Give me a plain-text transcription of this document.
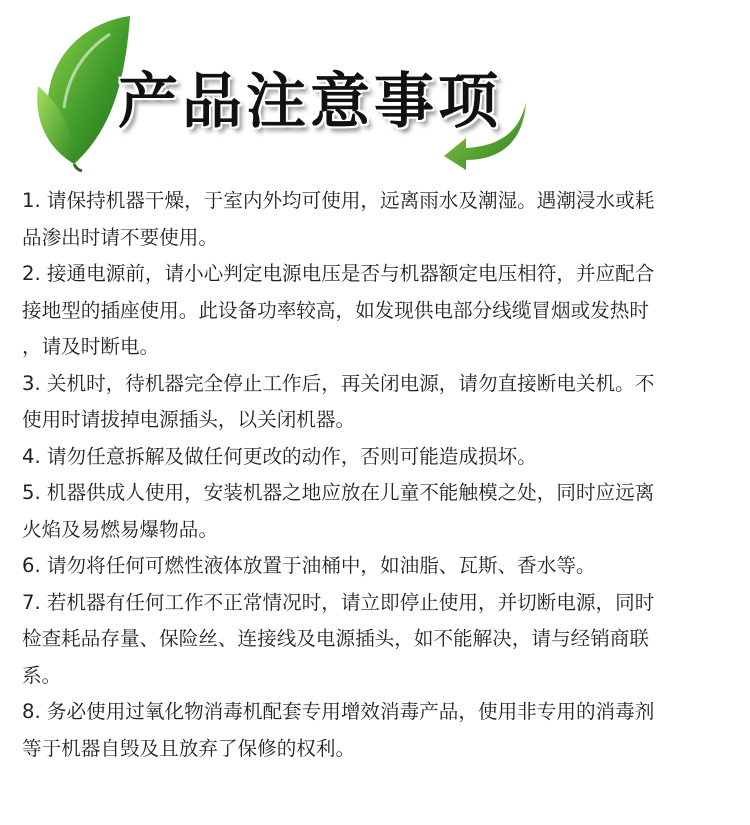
产品注意事项
1. 请保持机器干燥，于室内外均可使用，远离雨水及潮湿。遇潮浸水或耗
品渗出时请不要使用。
2. 接通电源前，请小心判定电源电压是否与机器额定电压相符，并应配合
接地型的插座使用。此设备功率较高，如发现供电部分线缆冒烟或发热时
，请及时断电。
3. 关机时，待机器完全停止工作后，再关闭电源，请勿直接断电关机。不
使用时请拔掉电源插头，以关闭机器。
4. 请勿任意拆解及做任何更改的动作，否则可能造成损坏。
5. 机器供成人使用，安装机器之地应放在儿童不能触模之处，同时应远离
火焰及易燃易爆物品。
6. 请勿将任何可燃性液体放置于油桶中，如油脂、瓦斯、香水等。
7. 若机器有任何工作不正常情况时，请立即停止使用，并切断电源，同时
检查耗品存量、保险丝、连接线及电源插头，如不能解决，请与经销商联
系。
8. 务必使用过氧化物消毒机配套专用增效消毒产品，使用非专用的消毒剂
等于机器自毁及且放弃了保修的权利。
